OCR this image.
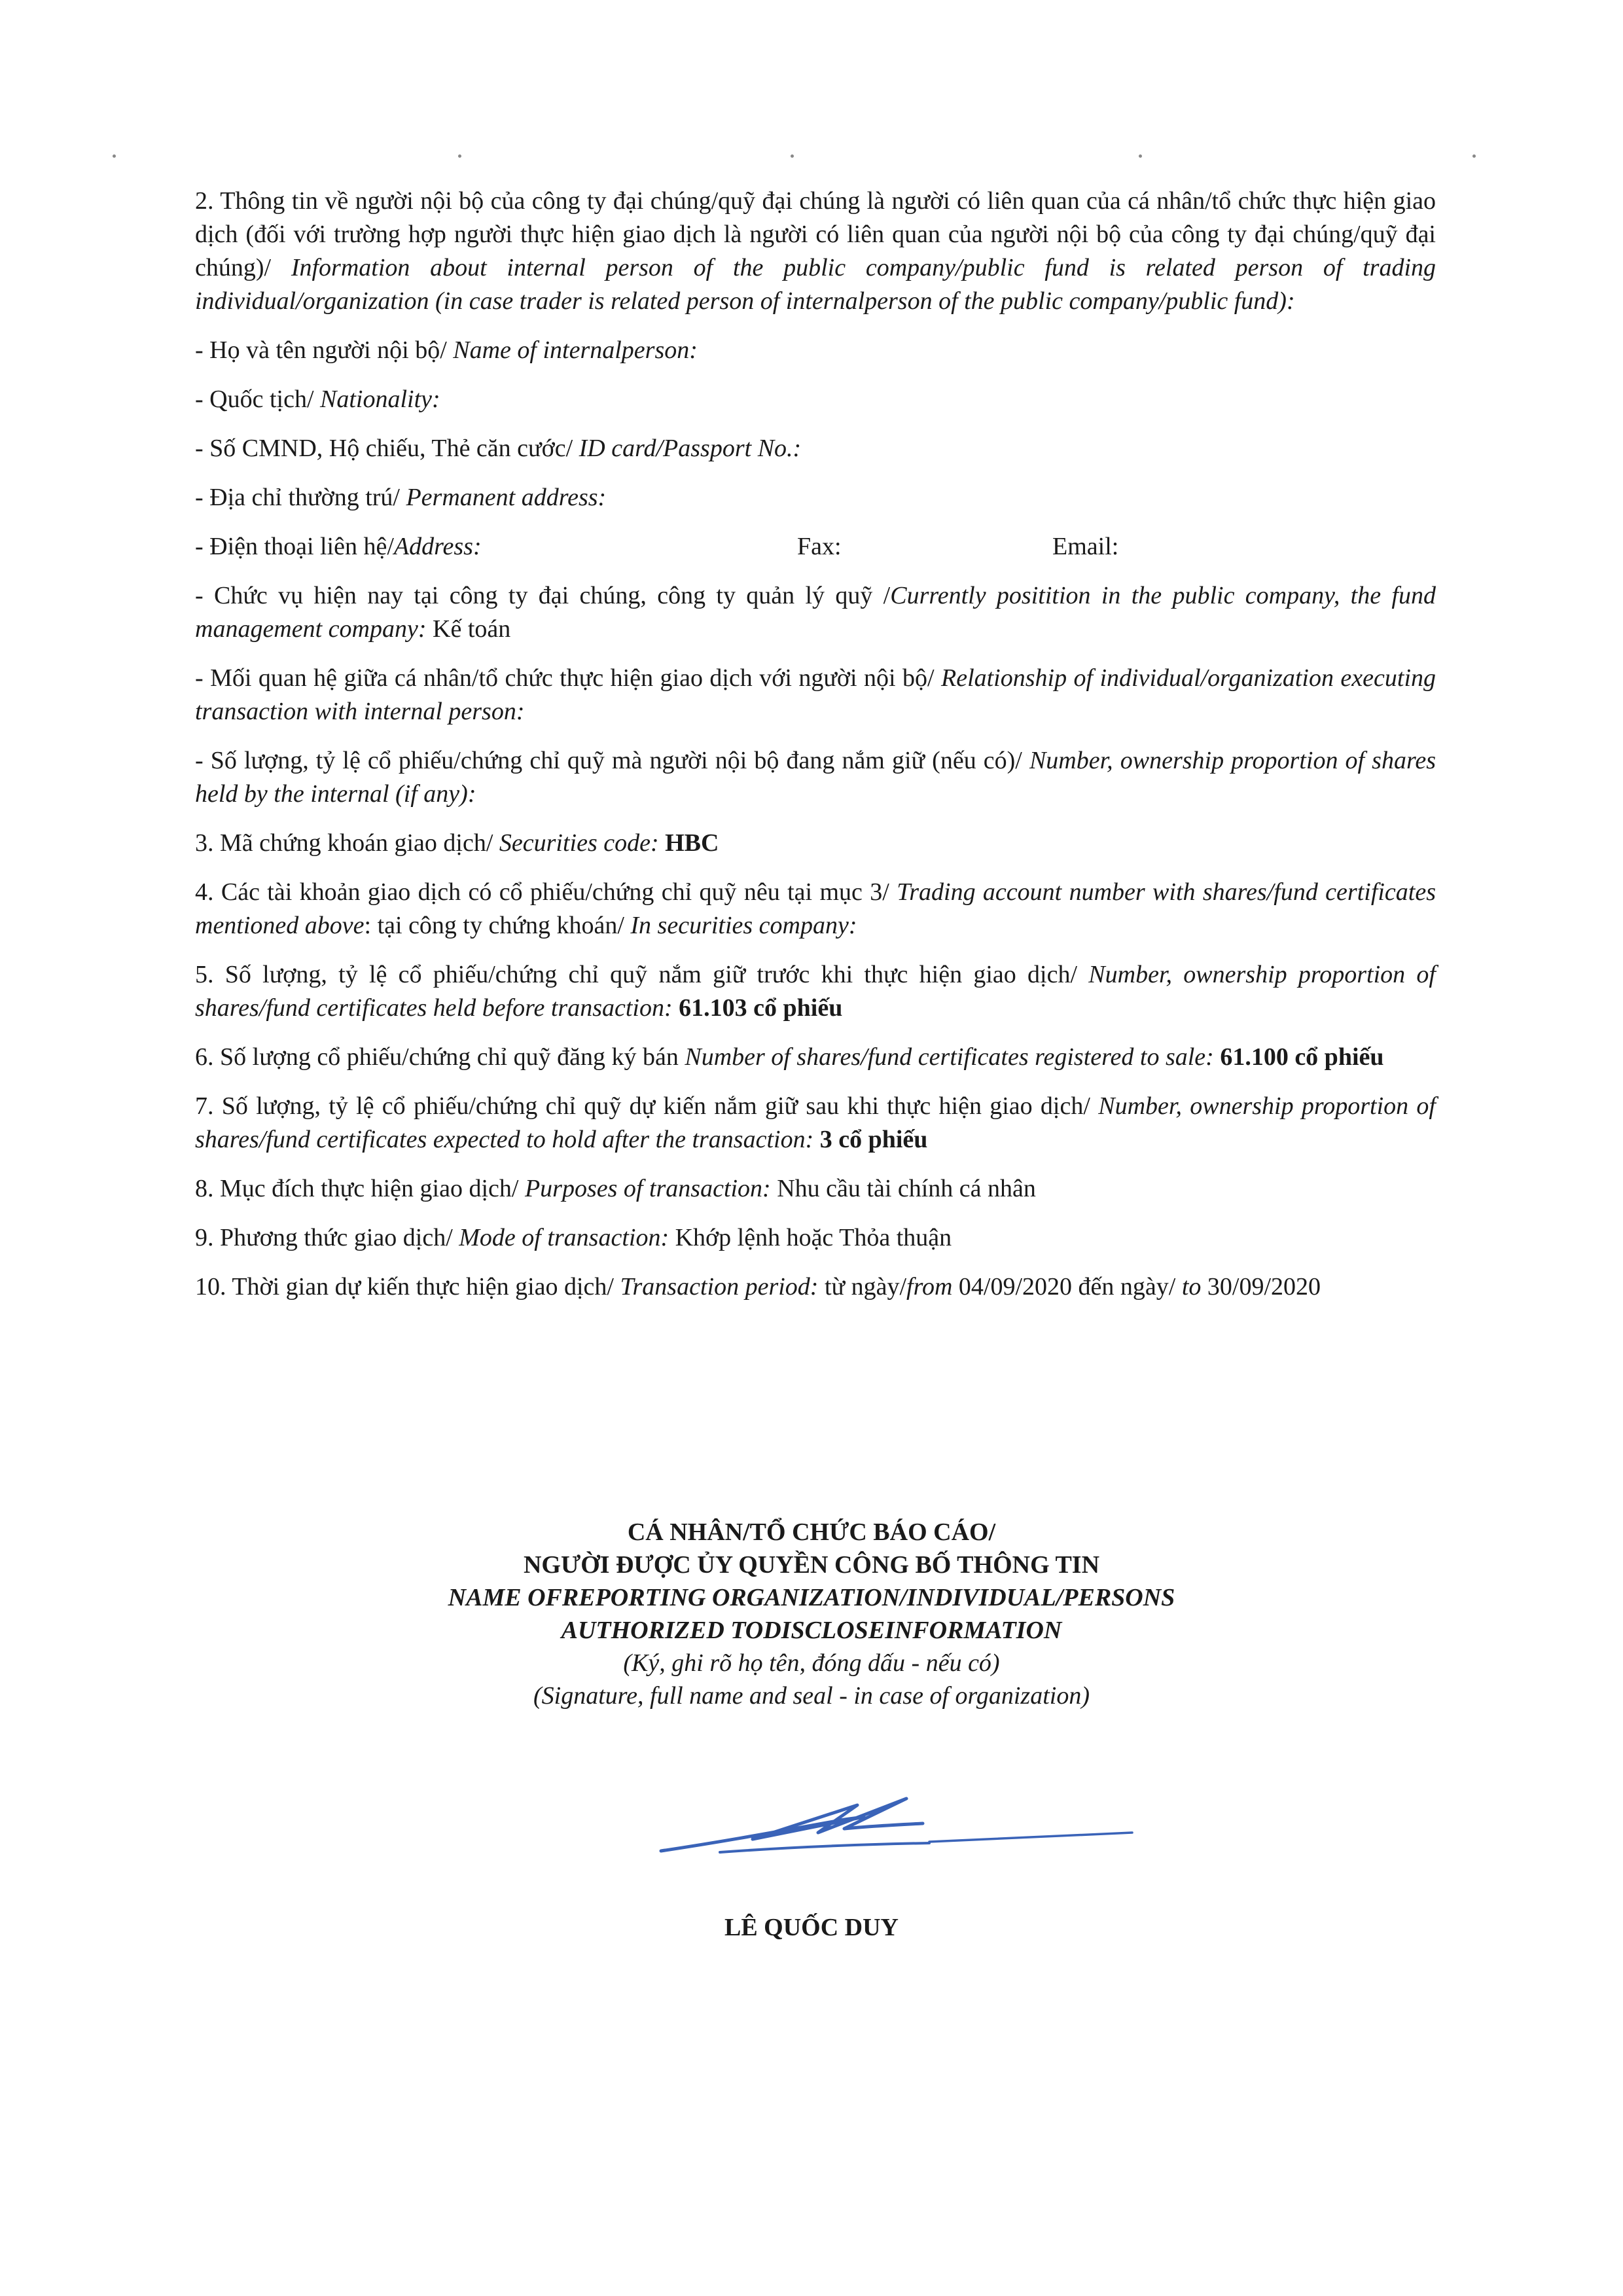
2. Thông tin về người nội bộ của công ty đại chúng/quỹ đại chúng là người có liên quan của cá nhân/tổ chức thực hiện giao dịch (đối với trường hợp người thực hiện giao dịch là người có liên quan của người nội bộ của công ty đại chúng/quỹ đại chúng)/ Information about internal person of the public company/public fund is related person of trading individual/organization (in case trader is related person of internalperson of the public company/public fund):

- Họ và tên người nội bộ/ Name of internalperson:

- Quốc tịch/ Nationality:

- Số CMND, Hộ chiếu, Thẻ căn cước/ ID card/Passport No.:

- Địa chỉ thường trú/ Permanent address:

- Điện thoại liên hệ/Address:	Fax:	Email:

- Chức vụ hiện nay tại công ty đại chúng, công ty quản lý quỹ /Currently positition in the public company, the fund management company: Kế toán

- Mối quan hệ giữa cá nhân/tổ chức thực hiện giao dịch với người nội bộ/ Relationship of individual/organization executing transaction with internal person:

- Số lượng, tỷ lệ cổ phiếu/chứng chỉ quỹ mà người nội bộ đang nắm giữ (nếu có)/ Number, ownership proportion of shares held by the internal (if any):

3. Mã chứng khoán giao dịch/ Securities code: HBC

4. Các tài khoản giao dịch có cổ phiếu/chứng chỉ quỹ nêu tại mục 3/ Trading account number with shares/fund certificates mentioned above: tại công ty chứng khoán/ In securities company:

5. Số lượng, tỷ lệ cổ phiếu/chứng chỉ quỹ nắm giữ trước khi thực hiện giao dịch/ Number, ownership proportion of shares/fund certificates held before transaction: 61.103 cổ phiếu

6. Số lượng cổ phiếu/chứng chỉ quỹ đăng ký bán Number of shares/fund certificates registered to sale: 61.100 cổ phiếu

7. Số lượng, tỷ lệ cổ phiếu/chứng chỉ quỹ dự kiến nắm giữ sau khi thực hiện giao dịch/ Number, ownership proportion of shares/fund certificates expected to hold after the transaction: 3 cổ phiếu

8. Mục đích thực hiện giao dịch/ Purposes of transaction: Nhu cầu tài chính cá nhân

9. Phương thức giao dịch/ Mode of transaction: Khớp lệnh hoặc Thỏa thuận

10. Thời gian dự kiến thực hiện giao dịch/ Transaction period: từ ngày/from 04/09/2020 đến ngày/ to 30/09/2020

CÁ NHÂN/TỔ CHỨC BÁO CÁO/
NGƯỜI ĐƯỢC ỦY QUYỀN CÔNG BỐ THÔNG TIN
NAME OFREPORTING ORGANIZATION/INDIVIDUAL/PERSONS
AUTHORIZED TODISCLOSEINFORMATION
(Ký, ghi rõ họ tên, đóng dấu - nếu có)
(Signature, full name and seal - in case of organization)
LÊ QUỐC DUY
